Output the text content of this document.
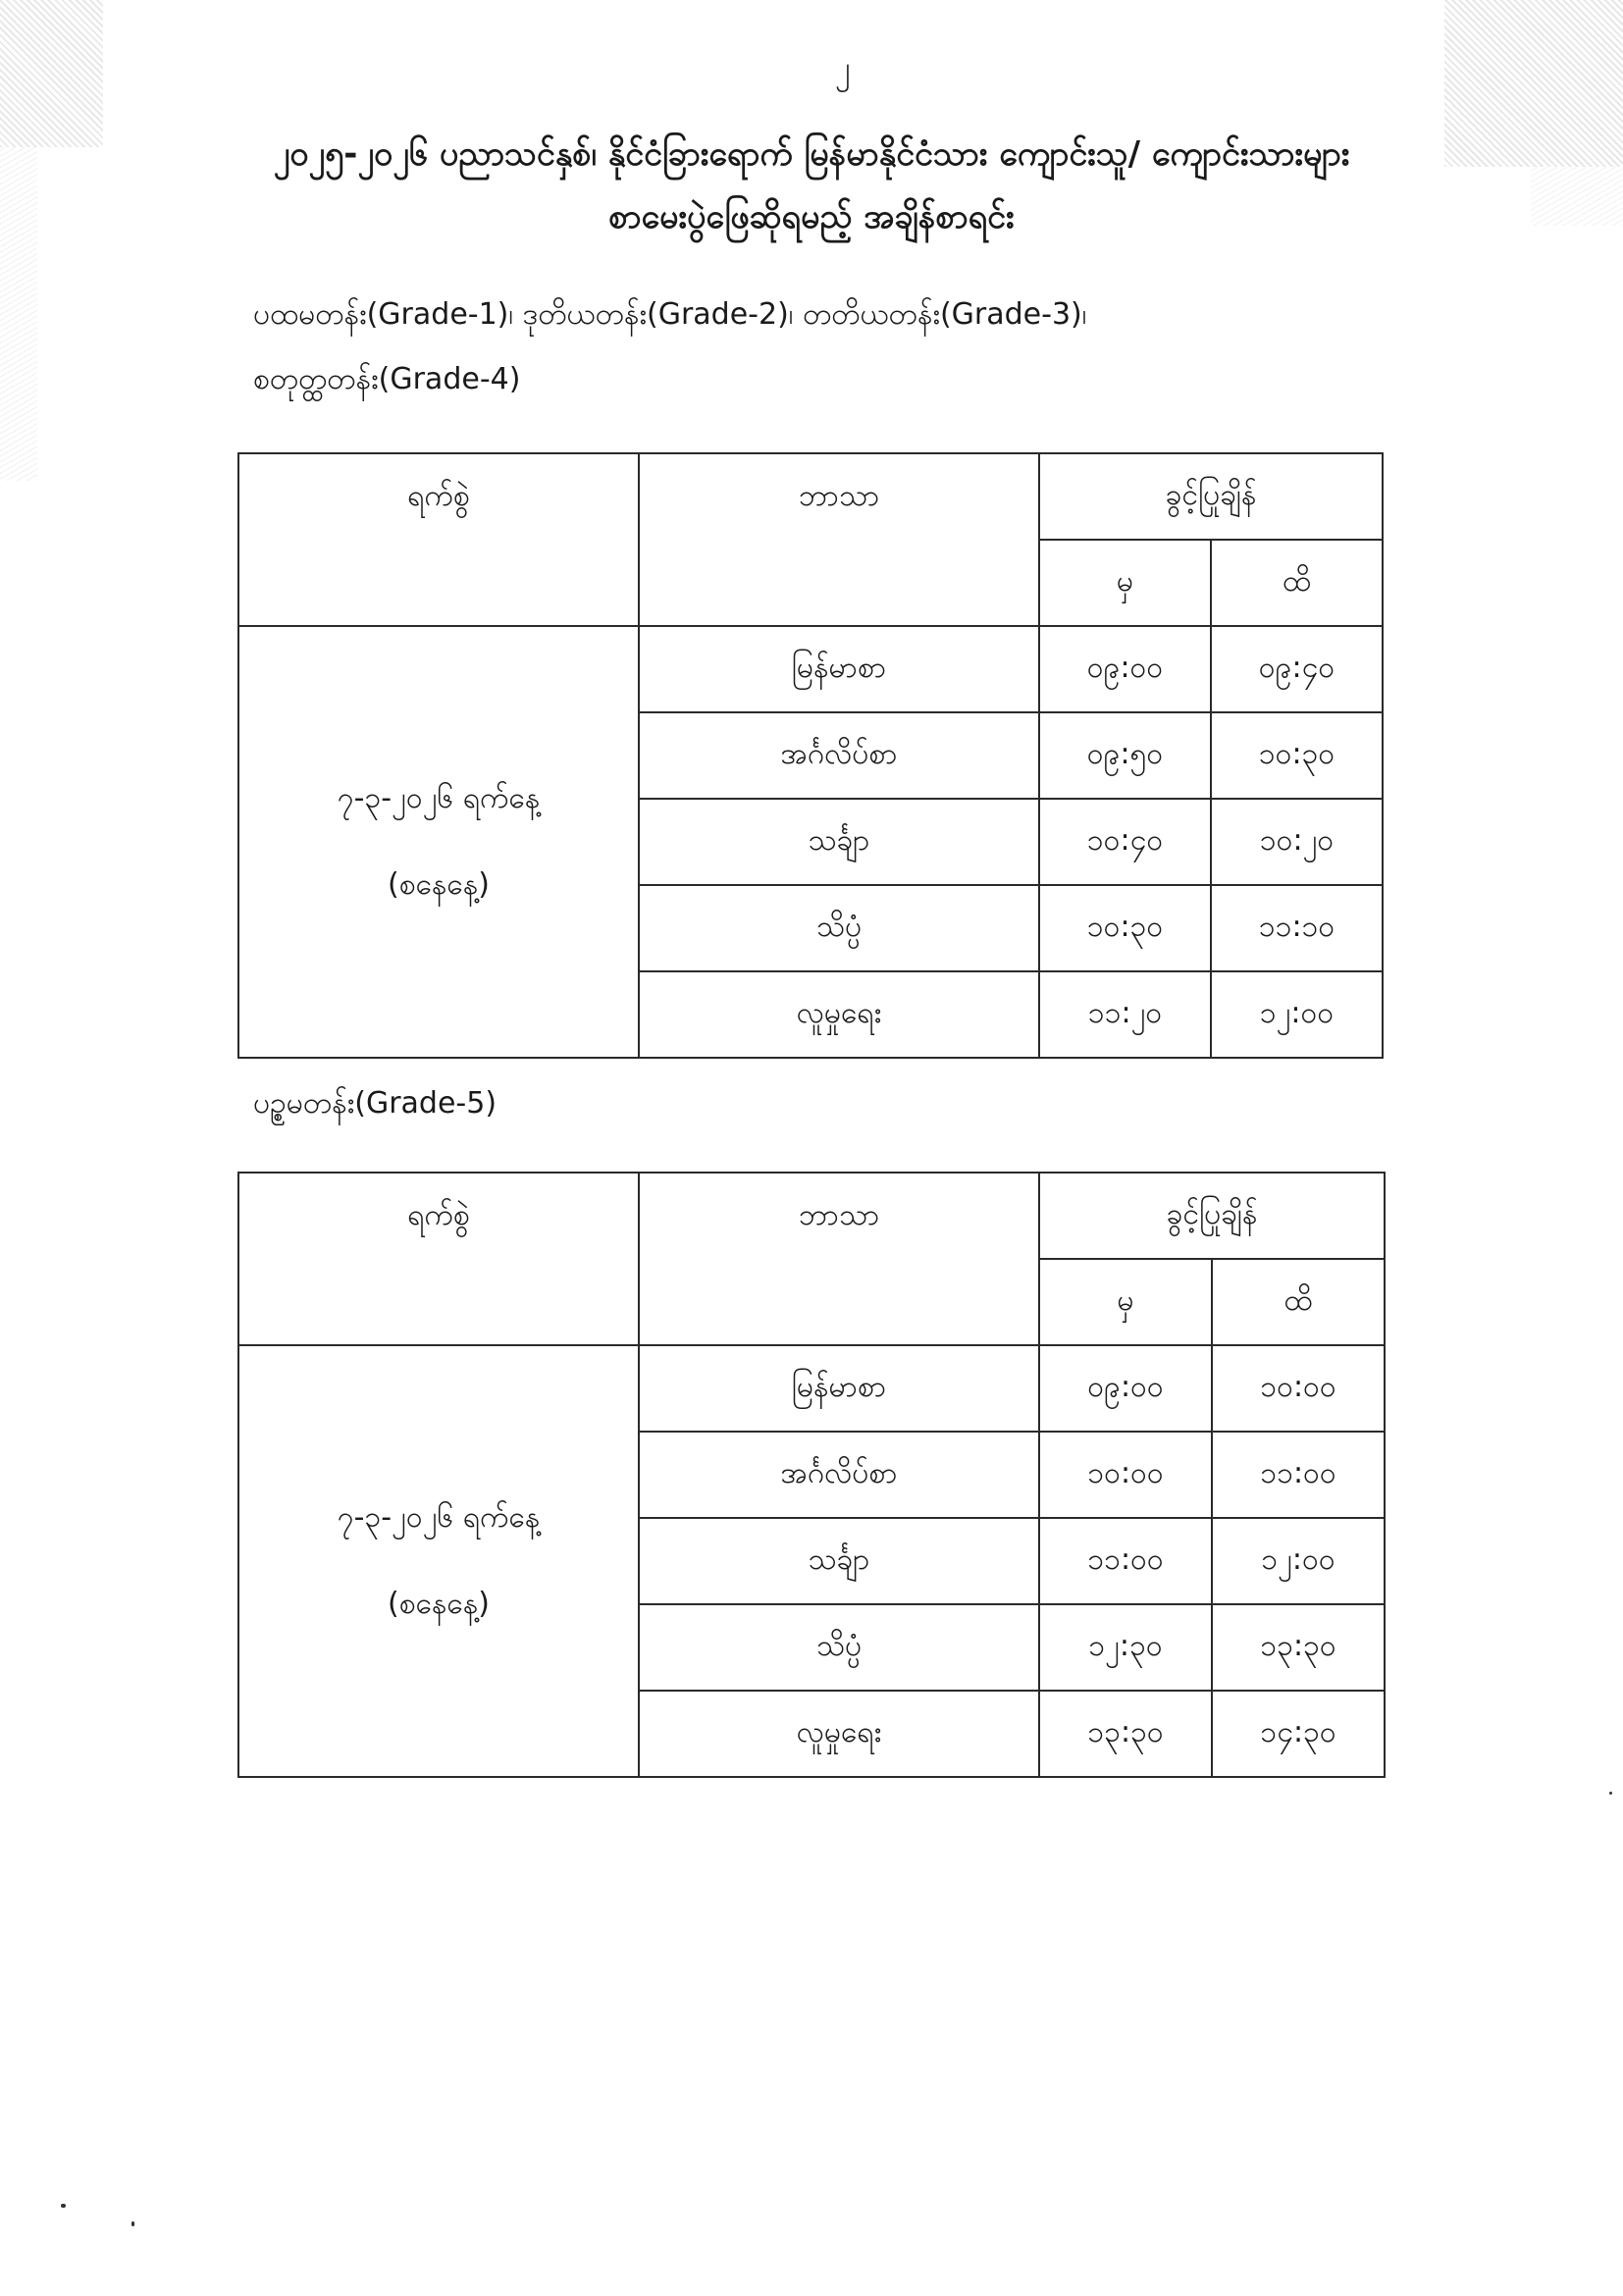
၂
၂၀၂၅-၂၀၂၆ ပညာသင်နှစ်၊ နိုင်ငံခြားရောက် မြန်မာနိုင်ငံသား ကျောင်းသူ/ ကျောင်းသားများ
စာမေးပွဲဖြေဆိုရမည့် အချိန်စာရင်း
ပထမတန်း(Grade-1)၊ ဒုတိယတန်း(Grade-2)၊ တတိယတန်း(Grade-3)၊
စတုတ္ထတန်း(Grade-4)
ရက်စွဲ	ဘာသာ	ခွင့်ပြုချိန်	
		မှ	ထိ

၇-၃-၂၀၂၆ ရက်နေ့
(စနေနေ့)	မြန်မာစာ	၀၉:၀၀	၀၉:၄၀
	အင်္ဂလိပ်စာ	၀၉:၅၀	၁၀:၃၀
	သင်္ချာ	၁၀:၄၀	၁၀:၂၀
	သိပ္ပံ	၁၀:၃၀	၁၁:၁၀
	လူမှုရေး	၁၁:၂၀	၁၂:၀၀
ပဉ္စမတန်း(Grade-5)
ရက်စွဲ	ဘာသာ	ခွင့်ပြုချိန်	
		မှ	ထိ

၇-၃-၂၀၂၆ ရက်နေ့
(စနေနေ့)	မြန်မာစာ	၀၉:၀၀	၁၀:၀၀
	အင်္ဂလိပ်စာ	၁၀:၀၀	၁၁:၀၀
	သင်္ချာ	၁၁:၀၀	၁၂:၀၀
	သိပ္ပံ	၁၂:၃၀	၁၃:၃၀
	လူမှုရေး	၁၃:၃၀	၁၄:၃၀
